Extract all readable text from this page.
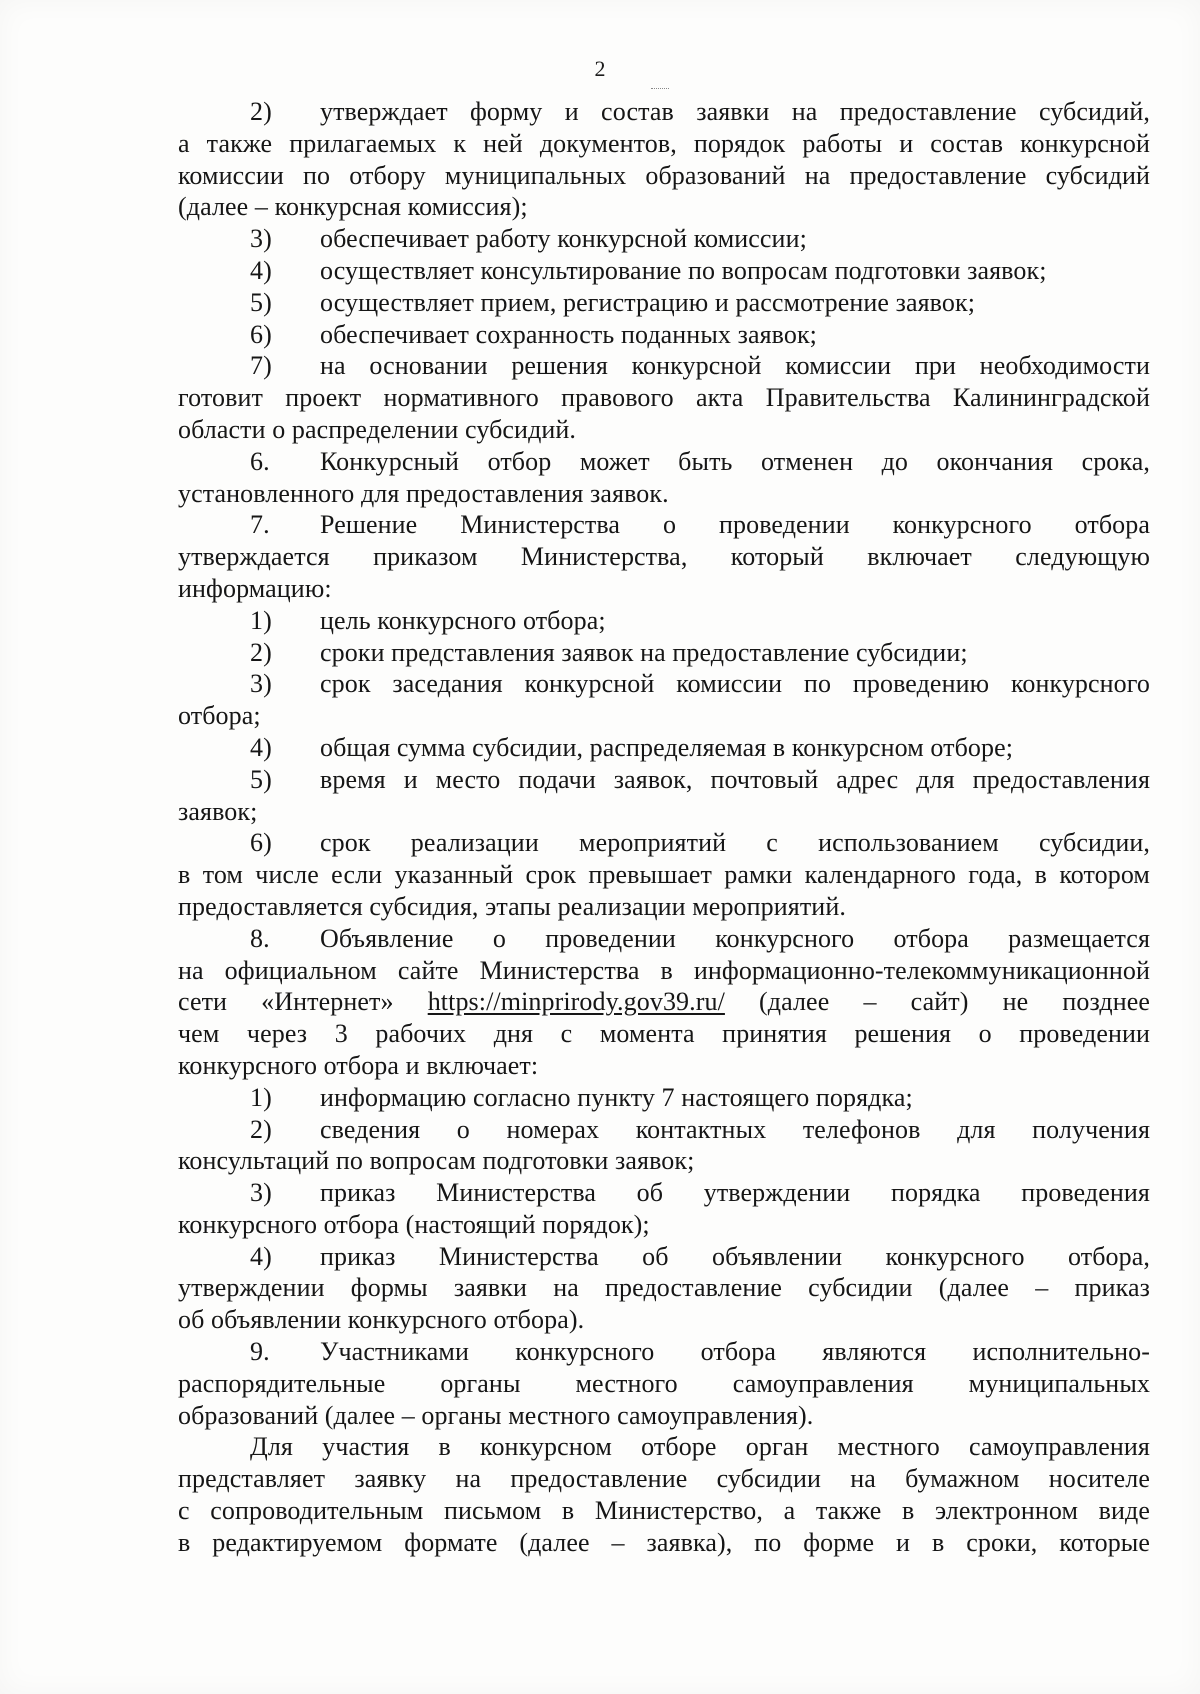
2
2) утверждает форму и состав заявки на предоставление субсидий,
а также прилагаемых к ней документов, порядок работы и состав конкурсной
комиссии по отбору муниципальных образований на предоставление субсидий
(далее – конкурсная комиссия);
3) обеспечивает работу конкурсной комиссии;
4) осуществляет консультирование по вопросам подготовки заявок;
5) осуществляет прием, регистрацию и рассмотрение заявок;
6) обеспечивает сохранность поданных заявок;
7) на основании решения конкурсной комиссии при необходимости
готовит проект нормативного правового акта Правительства Калининградской
области о распределении субсидий.
6. Конкурсный отбор может быть отменен до окончания срока,
установленного для предоставления заявок.
7. Решение Министерства о проведении конкурсного отбора
утверждается приказом Министерства, который включает следующую
информацию:
1) цель конкурсного отбора;
2) сроки представления заявок на предоставление субсидии;
3) срок заседания конкурсной комиссии по проведению конкурсного
отбора;
4) общая сумма субсидии, распределяемая в конкурсном отборе;
5) время и место подачи заявок, почтовый адрес для предоставления
заявок;
6) срок реализации мероприятий с использованием субсидии,
в том числе если указанный срок превышает рамки календарного года, в котором
предоставляется субсидия, этапы реализации мероприятий.
8. Объявление о проведении конкурсного отбора размещается
на официальном сайте Министерства в информационно-телекоммуникационной
сети «Интернет» https://minprirody.gov39.ru/ (далее – сайт) не позднее
чем через 3 рабочих дня с момента принятия решения о проведении
конкурсного отбора и включает:
1) информацию согласно пункту 7 настоящего порядка;
2) сведения о номерах контактных телефонов для получения
консультаций по вопросам подготовки заявок;
3) приказ Министерства об утверждении порядка проведения
конкурсного отбора (настоящий порядок);
4) приказ Министерства об объявлении конкурсного отбора,
утверждении формы заявки на предоставление субсидии (далее – приказ
об объявлении конкурсного отбора).
9. Участниками конкурсного отбора являются исполнительно-
распорядительные органы местного самоуправления муниципальных
образований (далее – органы местного самоуправления).
Для участия в конкурсном отборе орган местного самоуправления
представляет заявку на предоставление субсидии на бумажном носителе
с сопроводительным письмом в Министерство, а также в электронном виде
в редактируемом формате (далее – заявка), по форме и в сроки, которые
